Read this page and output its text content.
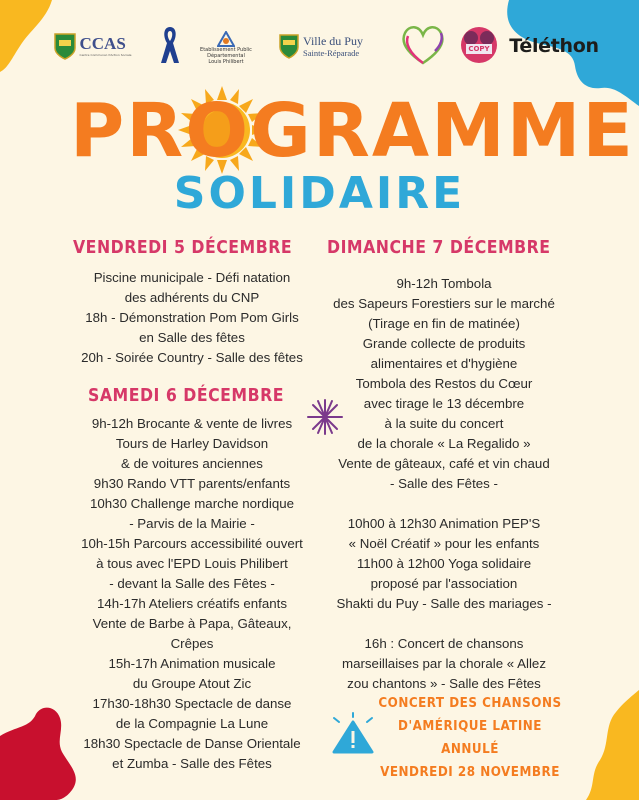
CCAS
Centre Communal d'Action Sociale
Etablissement Public
Départemental
Louis Philibert
Ville du Puy
Sainte-Réparade	COPY Téléthon
PROGRAMME
SOLIDAIRE
VENDREDI 5 DÉCEMBRE
Piscine municipale - Défi natation
des adhérents du CNP
18h - Démonstration Pom Pom Girls
en Salle des fêtes
20h - Soirée Country - Salle des fêtes
SAMEDI 6 DÉCEMBRE
9h-12h Brocante & vente de livres
Tours de Harley Davidson
& de voitures anciennes
9h30 Rando VTT parents/enfants
10h30 Challenge marche nordique
- Parvis de la Mairie -
10h-15h Parcours accessibilité ouvert
à tous avec l'EPD Louis Philibert
- devant la Salle des Fêtes -
14h-17h Ateliers créatifs enfants
Vente de Barbe à Papa, Gâteaux,
Crêpes
15h-17h Animation musicale
du Groupe Atout Zic
17h30-18h30 Spectacle de danse
de la Compagnie La Lune
18h30 Spectacle de Danse Orientale
et Zumba - Salle des Fêtes
DIMANCHE 7 DÉCEMBRE
9h-12h Tombola
des Sapeurs Forestiers sur le marché
(Tirage en fin de matinée)
Grande collecte de produits
alimentaires et d'hygiène
Tombola des Restos du Cœur
avec tirage le 13 décembre
à la suite du concert
de la chorale « La Regalido »
Vente de gâteaux, café et vin chaud
- Salle des Fêtes -
10h00 à 12h30 Animation PEP'S
« Noël Créatif » pour les enfants
11h00 à 12h00 Yoga solidaire
proposé par l'association
Shakti du Puy - Salle des mariages -
16h : Concert de chansons
marseillaises par la chorale « Allez
zou chantons » - Salle des Fêtes
CONCERT DES CHANSONS
D'AMÉRIQUE LATINE
ANNULÉ
VENDREDI 28 NOVEMBRE
